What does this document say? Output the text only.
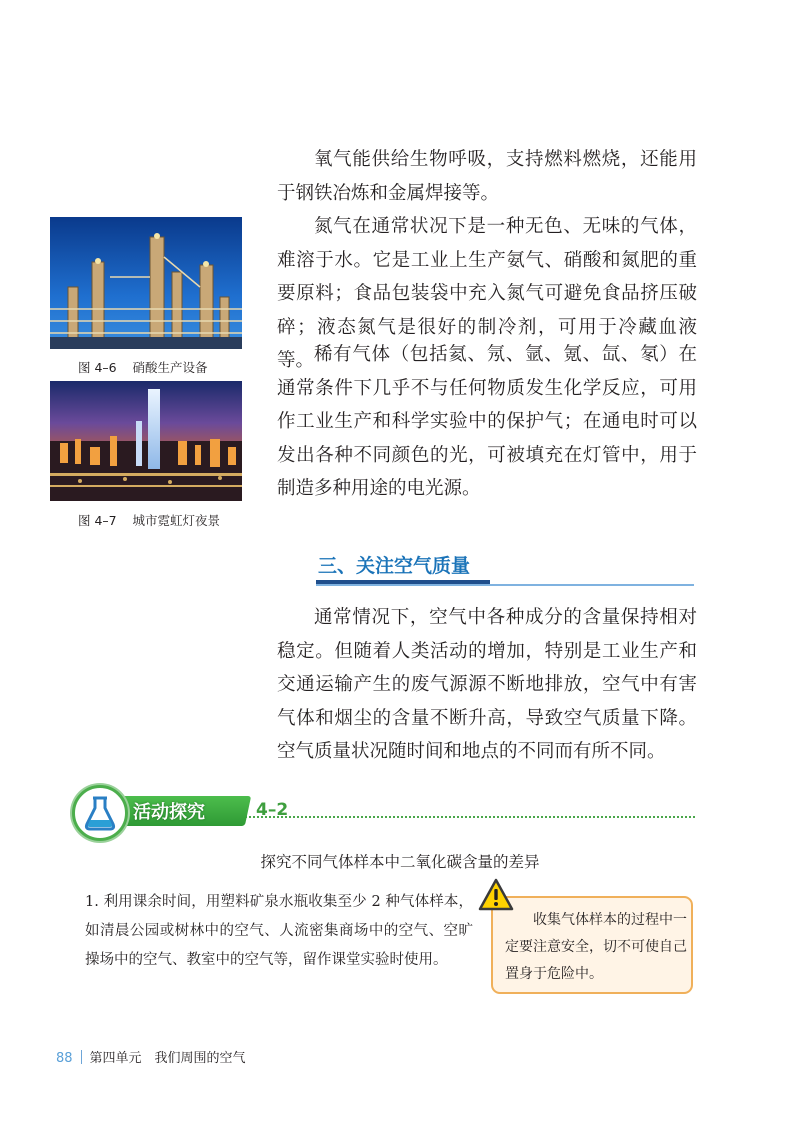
氧气能供给生物呼吸，支持燃料燃烧，还能用于钢铁冶炼和金属焊接等。

氮气在通常状况下是一种无色、无味的气体，难溶于水。它是工业上生产氨气、硝酸和氮肥的重要原料；食品包装袋中充入氮气可避免食品挤压破碎；液态氮气是很好的制冷剂，可用于冷藏血液等。 稀有气体（包括氦、氖、氩、氪、氙、氡）在通常条件下几乎不与任何物质发生化学反应，可用作工业生产和科学实验中的保护气；在通电时可以发出各种不同颜色的光，可被填充在灯管中，用于制造多种用途的电光源。

图 4–6    硝酸生产设备
图 4–7    城市霓虹灯夜景
三、关注空气质量

通常情况下，空气中各种成分的含量保持相对稳定。但随着人类活动的增加，特别是工业生产和交通运输产生的废气源源不断地排放，空气中有害气体和烟尘的含量不断升高，导致空气质量下降。空气质量状况随时间和地点的不同而有所不同。

活动探究	4–2
探究不同气体样本中二氧化碳含量的差异

1. 利用课余时间，用塑料矿泉水瓶收集至少 2 种气体样本，如清晨公园或树林中的空气、人流密集商场中的空气、空旷操场中的空气、教室中的空气等，留作课堂实验时使用。

收集气体样本的过程中一定要注意安全，切不可使自己置身于危险中。

88 第四单元　我们周围的空气
